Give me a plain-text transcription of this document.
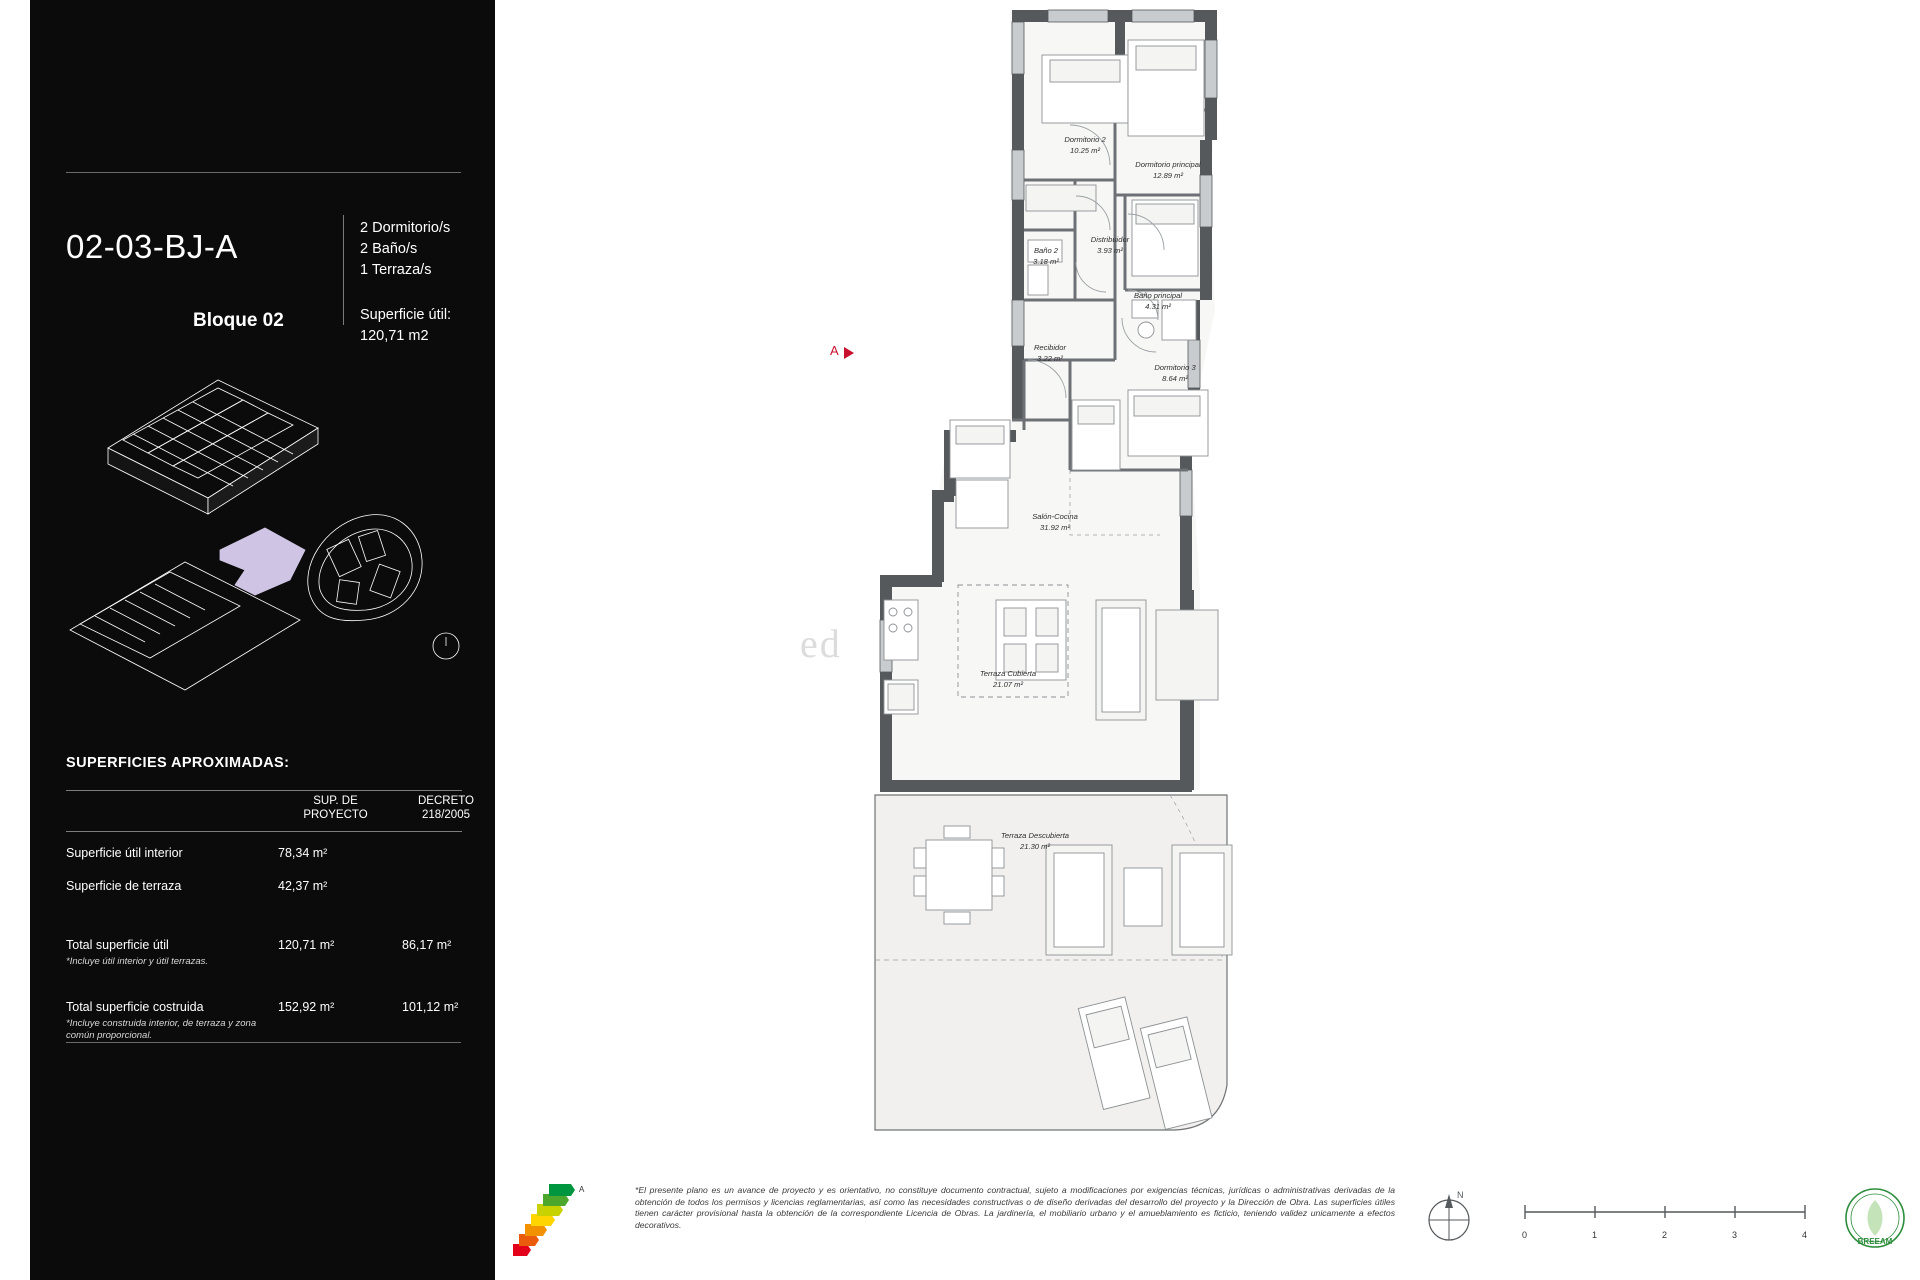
02-03-BJ-A
Bloque 02
2 Dormitorio/s
2 Baño/s
1 Terraza/s
Superficie útil:
120,71 m2
SUPERFICIES APROXIMADAS:
SUP. DE
PROYECTO
DECRETO
218/2005
Superficie útil interior	78,34 m²
Superficie de terraza	42,37 m²
Total superficie útil	120,71 m²	86,17 m²
*Incluye útil interior y útil terrazas.
Total superficie costruida	152,92 m²	101,12 m²
*Incluye construida interior, de terraza y zona común proporcional.
ed
A
Dormitorio 2
10.25 m²
Dormitorio principal
12.89 m²
Baño 2
3.18 m²
Distribuidor
3.93 m²
Baño principal
4.31 m²
Recibidor
3.22 m²
Dormitorio 3
8.64 m²
Salón-Cocina
31.92 m²
Terraza Cubierta
21.07 m²
Terraza Descubierta
21.30 m²
A	*El presente plano es un avance de proyecto y es orientativo, no constituye documento contractual, sujeto a modificaciones por exigencias técnicas, jurídicas o administrativas derivadas de la obtención de todos los permisos y licencias reglamentarias, así como las necesidades constructivas o de diseño derivadas del desarrollo del proyecto y la Dirección de Obra. Las superficies útiles tienen carácter provisional hasta la obtención de la correspondiente Licencia de Obras. La jardinería, el mobiliario urbano y el amueblamiento es ficticio, teniendo validez unicamente a efectos decorativos.
N
0	1	2	3	4
BREEAM
